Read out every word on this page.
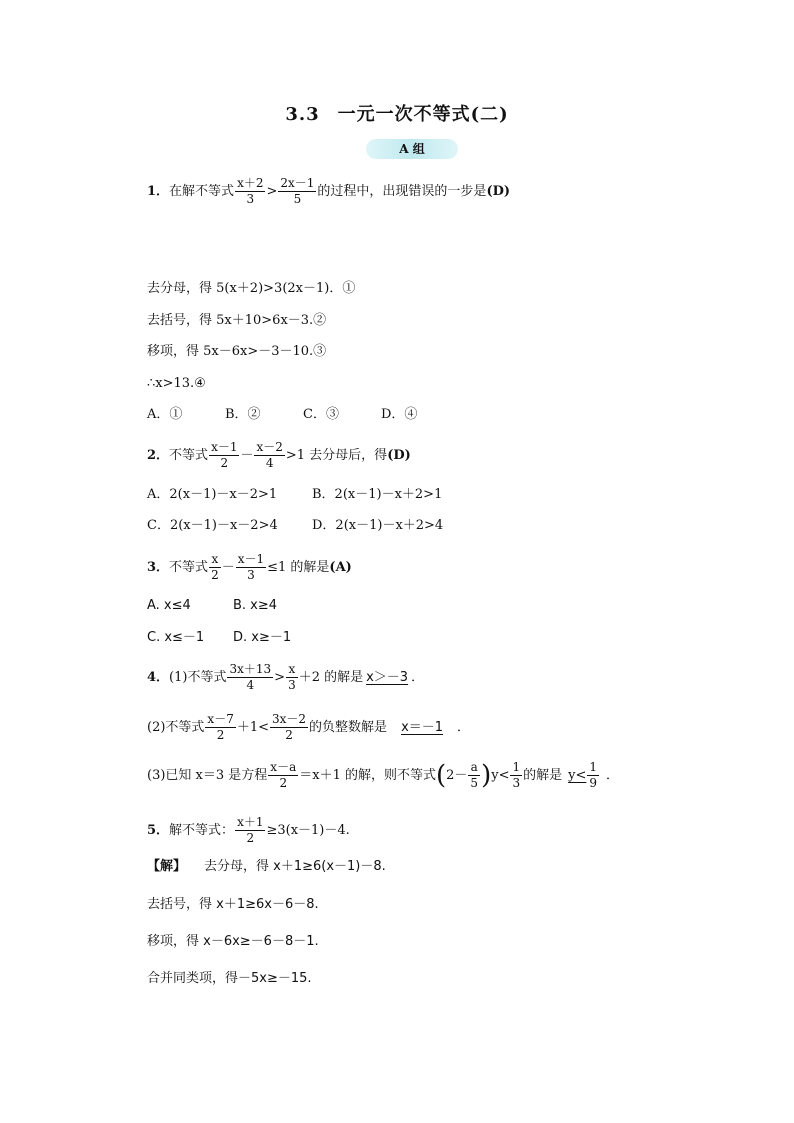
3.3 一元一次不等式(二)
A 组
1．在解不等式 $\frac{x+2}{3} > \frac{2x-1}{5}$ 的过程中，出现错误的一步是(D)
去分母，得 5(x＋2)>3(2x－1)．①
去括号，得 5x＋10>6x－3.②
移项，得 5x－6x>－3－10.③
∴x>13.④
A．①	B．②	C．③	D．④
2．不等式 $\frac{x-1}{2} - \frac{x-2}{4} >1$ 去分母后，得(D)
A．2(x－1)－x－2>1	B．2(x－1)－x＋2>1
C．2(x－1)－x－2>4	D．2(x－1)－x＋2>4
3．不等式 $\frac{x}{2} - \frac{x-1}{3} \le 1$ 的解是(A)
A. x≤4	B. x≥4
C. x≤－1 D. x≥－1
4．(1)不等式 $\frac{3x+13}{4} > \frac{x}{3} +2$ 的解是 x＞－3 ．
(2)不等式 $\frac{x-7}{2} +1< \frac{3x-2}{2}$ 的负整数解是 x＝－1 ．
(3)已知 x＝3 是方程 $\frac{x-a}{2} =x+1$ 的解，则不等式$(2- \frac{a}{5} )y< \frac{1}{3}$ 的解是 $y< \frac{1}{9}$ ．
5．解不等式： $\frac{x+1}{2} \ge 3(x-1)-4$.
【解】 去分母，得 x＋1≥6(x－1)－8.
去括号，得 x＋1≥6x－6－8.
移项，得 x－6x≥－6－8－1.
合并同类项，得－5x≥－15.
